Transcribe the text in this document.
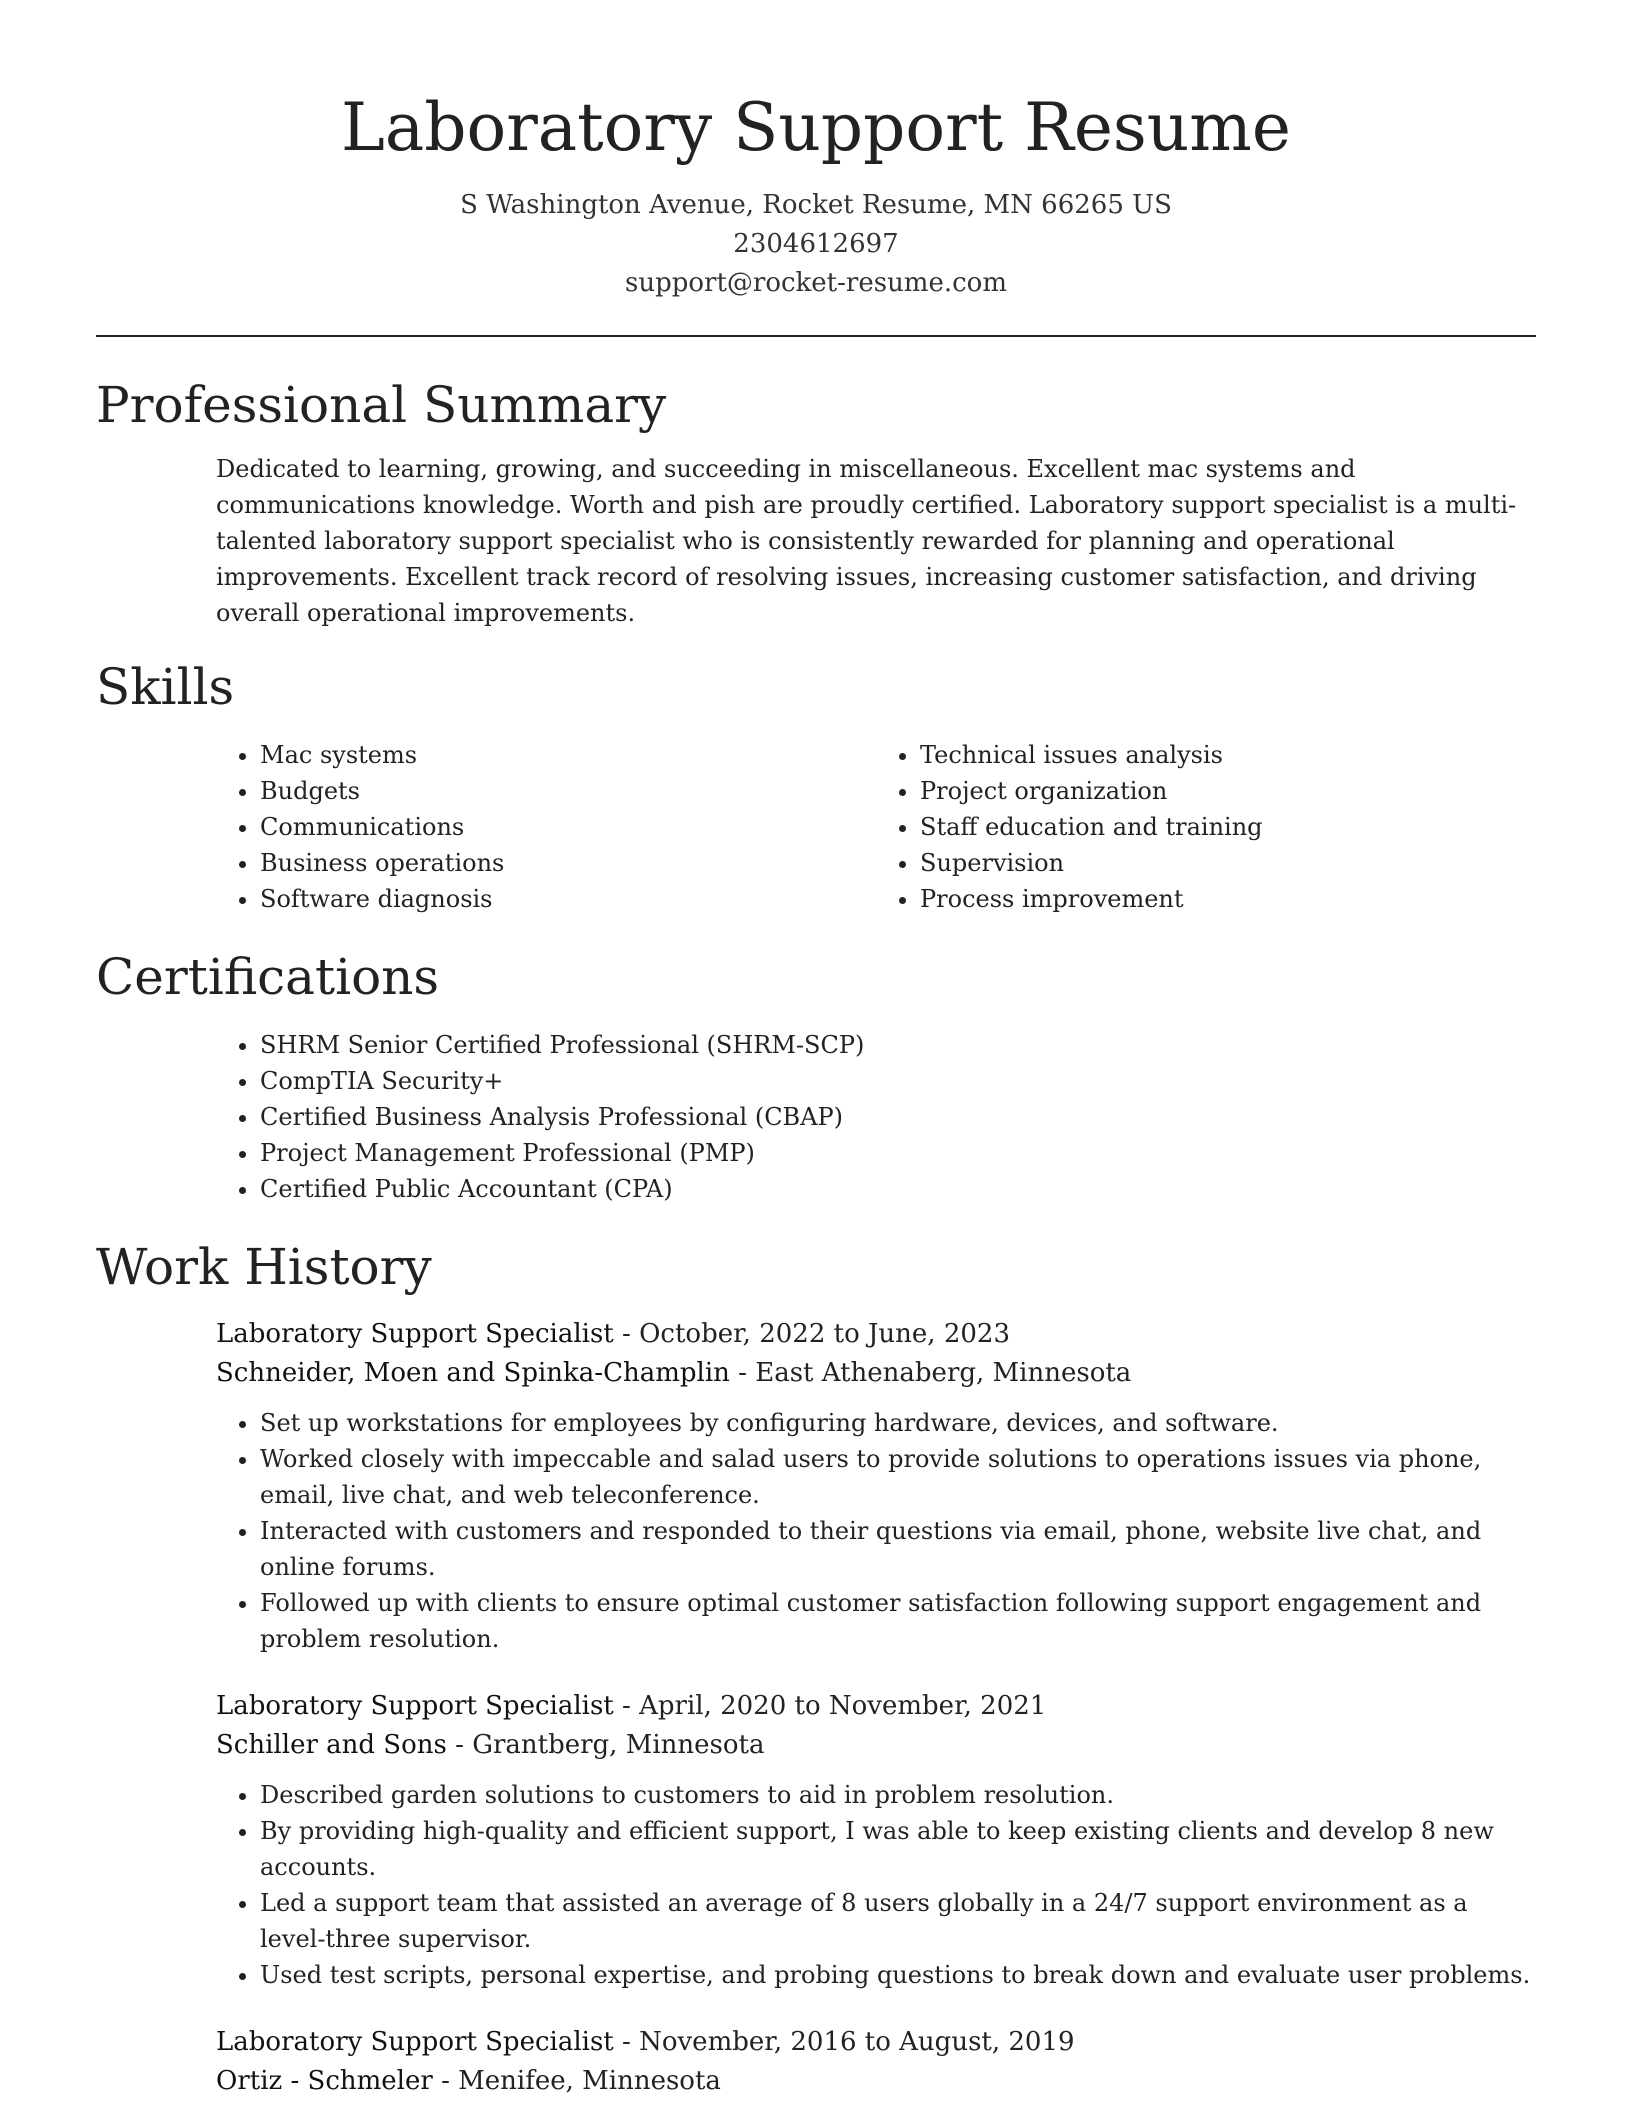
Laboratory Support Resume
S Washington Avenue, Rocket Resume, MN 66265 US
2304612697
support@rocket-resume.com
Professional Summary

Dedicated to learning, growing, and succeeding in miscellaneous. Excellent mac systems and communications knowledge. Worth and pish are proudly certified. Laboratory support specialist is a multi-talented laboratory support specialist who is consistently rewarded for planning and operational improvements. Excellent track record of resolving issues, increasing customer satisfaction, and driving overall operational improvements.

Skills
• Mac systems
• Budgets
• Communications
• Business operations
• Software diagnosis
• Technical issues analysis
• Project organization
• Staff education and training
• Supervision
• Process improvement
Certifications
• SHRM Senior Certified Professional (SHRM-SCP)
• CompTIA Security+
• Certified Business Analysis Professional (CBAP)
• Project Management Professional (PMP)
• Certified Public Accountant (CPA)
Work History
Laboratory Support Specialist - October, 2022 to June, 2023
Schneider, Moen and Spinka-Champlin - East Athenaberg, Minnesota
• Set up workstations for employees by configuring hardware, devices, and software.
• Worked closely with impeccable and salad users to provide solutions to operations issues via phone, email, live chat, and web teleconference.
• Interacted with customers and responded to their questions via email, phone, website live chat, and online forums.
• Followed up with clients to ensure optimal customer satisfaction following support engagement and problem resolution.
Laboratory Support Specialist - April, 2020 to November, 2021
Schiller and Sons - Grantberg, Minnesota
• Described garden solutions to customers to aid in problem resolution.
• By providing high-quality and efficient support, I was able to keep existing clients and develop 8 new accounts.
• Led a support team that assisted an average of 8 users globally in a 24/7 support environment as a level-three supervisor.
• Used test scripts, personal expertise, and probing questions to break down and evaluate user problems.
Laboratory Support Specialist - November, 2016 to August, 2019
Ortiz - Schmeler - Menifee, Minnesota
